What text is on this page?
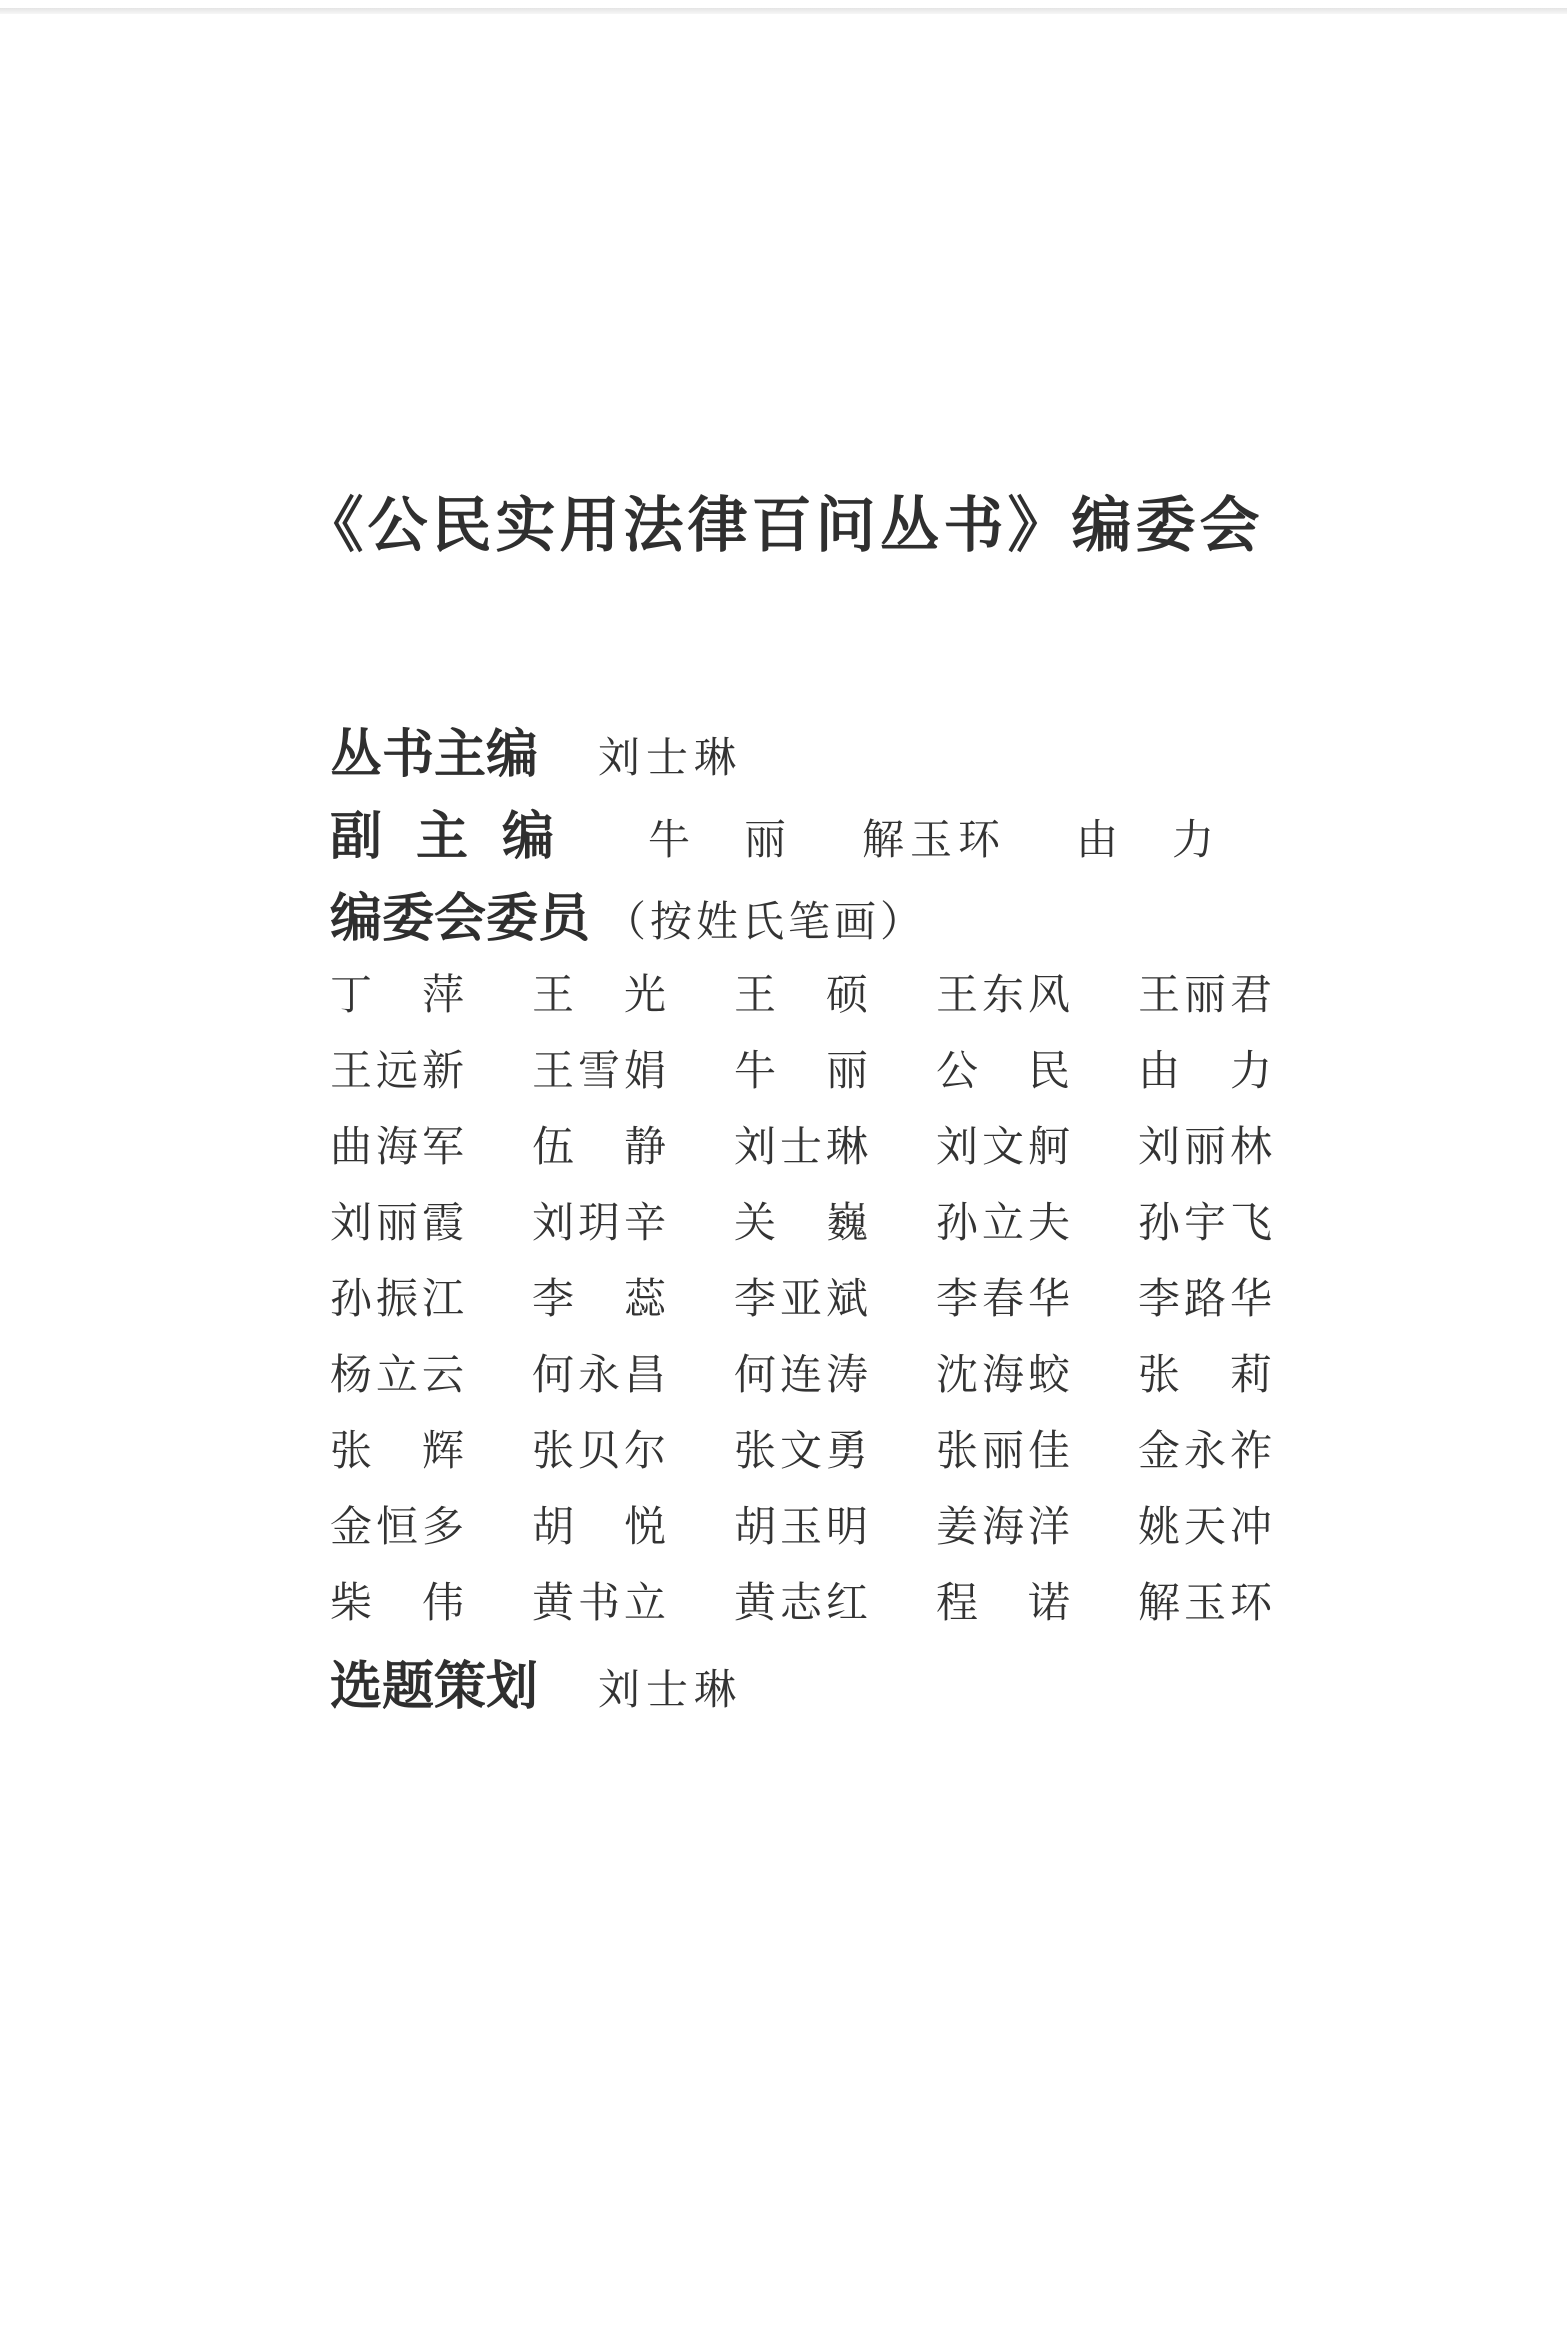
《公民实用法律百问丛书》编委会
丛书主编 刘士琳
副主编 牛　丽 解玉环 由　力
编委会委员 （按姓氏笔画）
丁　萍	王　光	王　硕	王东风	王丽君
王远新	王雪娟	牛　丽	公　民	由　力
曲海军	伍　静	刘士琳	刘文舸	刘丽林
刘丽霞	刘玥辛	关　巍	孙立夫	孙宇飞
孙振江	李　蕊	李亚斌	李春华	李路华
杨立云	何永昌	何连涛	沈海蛟	张　莉
张　辉	张贝尔	张文勇	张丽佳	金永祚
金恒多	胡　悦	胡玉明	姜海洋	姚天冲
柴　伟	黄书立	黄志红	程　诺	解玉环
选题策划 刘士琳
